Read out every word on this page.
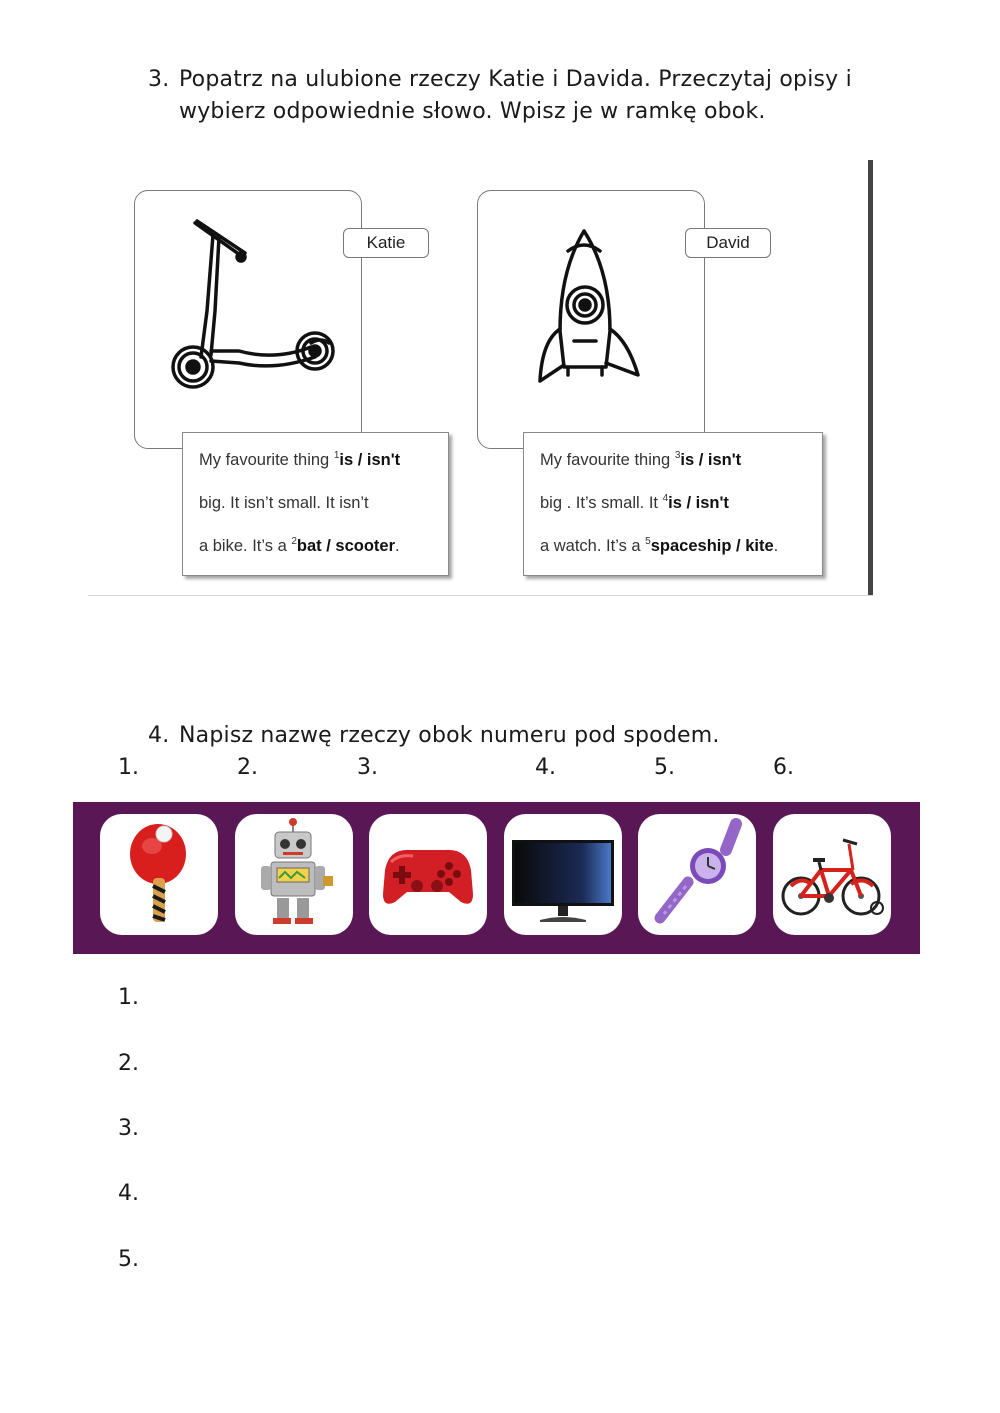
3. Popatrz na ulubione rzeczy Katie i Davida. Przeczytaj opisy i wybierz odpowiednie słowo. Wpisz je w ramkę obok.
Katie
My favourite thing $^1$is / isn't
big. It isn’t small. It isn’t
a bike. It’s a $^2$bat / scooter.
David
My favourite thing $^3$is / isn't
big . It’s small. It $^4$is / isn't
a watch. It’s a $^5$spaceship / kite.
4. Napisz nazwę rzeczy obok numeru pod spodem.
1.	2.	3.	4.	5.	6.
1.
2.
3.
4.
5.
